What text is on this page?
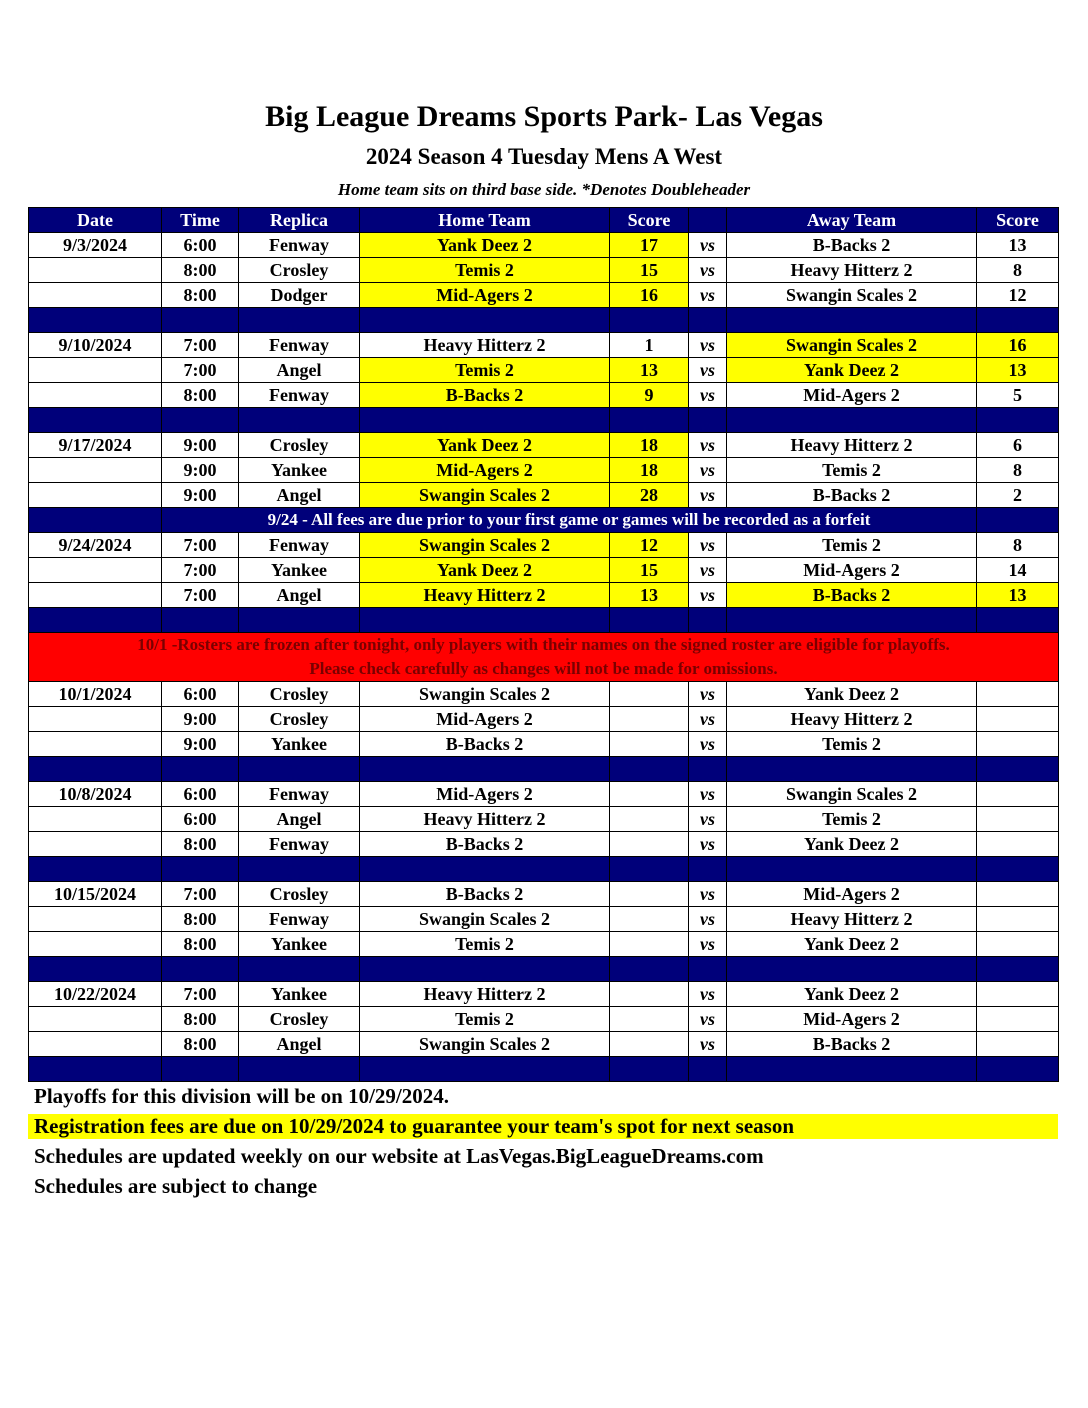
Big League Dreams Sports Park- Las Vegas
2024 Season 4 Tuesday Mens A West
Home team sits on third base side. *Denotes Doubleheader
Date	Time	Replica	Home Team	Score		Away Team	Score
9/3/2024	6:00	Fenway	Yank Deez 2	17	vs	B-Backs 2	13
	8:00	Crosley	Temis 2	15	vs	Heavy Hitterz 2	8
	8:00	Dodger	Mid-Agers 2	16	vs	Swangin Scales 2	12

9/10/2024	7:00	Fenway	Heavy Hitterz 2	1	vs	Swangin Scales 2	16
	7:00	Angel	Temis 2	13	vs	Yank Deez 2	13
	8:00	Fenway	B-Backs 2	9	vs	Mid-Agers 2	5

9/17/2024	9:00	Crosley	Yank Deez 2	18	vs	Heavy Hitterz 2	6
	9:00	Yankee	Mid-Agers 2	18	vs	Temis 2	8
	9:00	Angel	Swangin Scales 2	28	vs	B-Backs 2	2
	9/24 - All fees are due prior to your first game or games will be recorded as a forfeit						
9/24/2024	7:00	Fenway	Swangin Scales 2	12	vs	Temis 2	8
	7:00	Yankee	Yank Deez 2	15	vs	Mid-Agers 2	14
	7:00	Angel	Heavy Hitterz 2	13	vs	B-Backs 2	13

10/1 -Rosters are frozen after tonight, only players with their names on the signed roster are eligible for playoffs.
Please check carefully as changes will not be made for omissions.							

10/1/2024	6:00	Crosley	Swangin Scales 2		vs	Yank Deez 2	
	9:00	Crosley	Mid-Agers 2		vs	Heavy Hitterz 2	
	9:00	Yankee	B-Backs 2		vs	Temis 2	

10/8/2024	6:00	Fenway	Mid-Agers 2		vs	Swangin Scales 2	
	6:00	Angel	Heavy Hitterz 2		vs	Temis 2	
	8:00	Fenway	B-Backs 2		vs	Yank Deez 2	

10/15/2024	7:00	Crosley	B-Backs 2		vs	Mid-Agers 2	
	8:00	Fenway	Swangin Scales 2		vs	Heavy Hitterz 2	
	8:00	Yankee	Temis 2		vs	Yank Deez 2	

10/22/2024	7:00	Yankee	Heavy Hitterz 2		vs	Yank Deez 2	
	8:00	Crosley	Temis 2		vs	Mid-Agers 2	
	8:00	Angel	Swangin Scales 2		vs	B-Backs 2	

Playoffs for this division will be on 10/29/2024.
Registration fees are due on 10/29/2024 to guarantee your team's spot for next season
Schedules are updated weekly on our website at LasVegas.BigLeagueDreams.com
Schedules are subject to change
